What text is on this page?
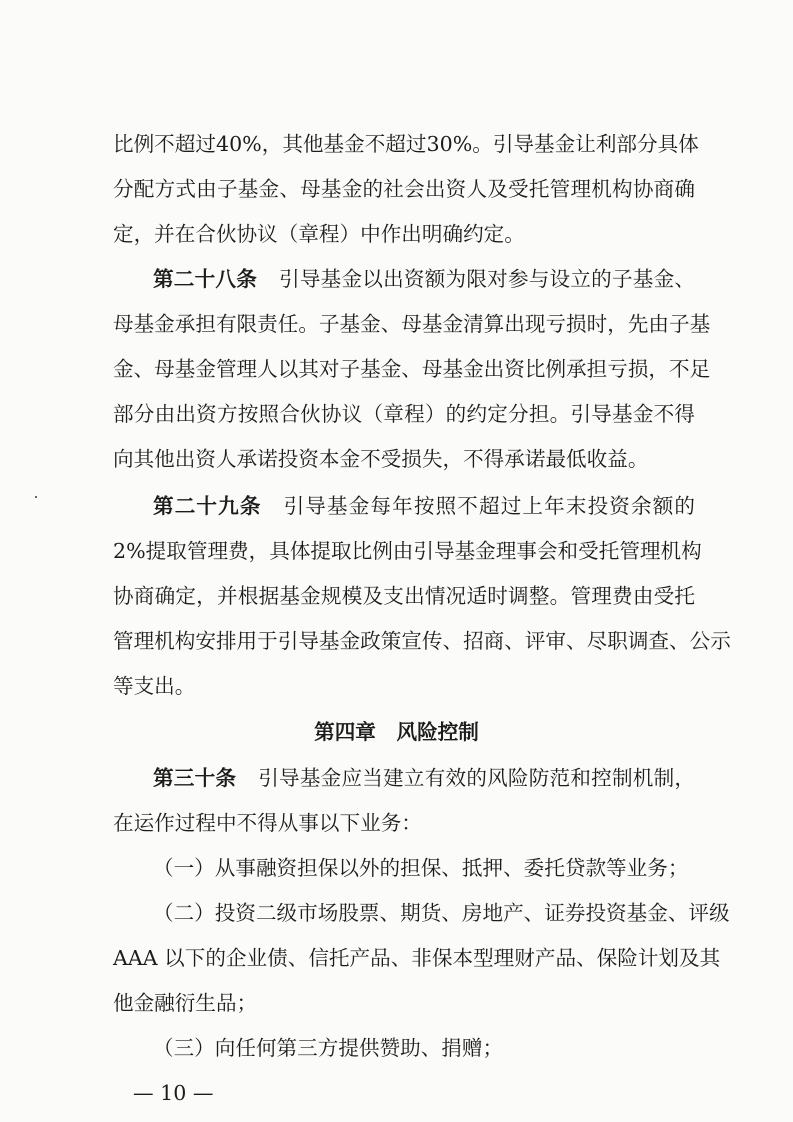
比例不超过40%，其他基金不超过30%。引导基金让利部分具体
分配方式由子基金、母基金的社会出资人及受托管理机构协商确
定，并在合伙协议（章程）中作出明确约定。
第二十八条 引导基金以出资额为限对参与设立的子基金、
母基金承担有限责任。子基金、母基金清算出现亏损时，先由子基
金、母基金管理人以其对子基金、母基金出资比例承担亏损，不足
部分由出资方按照合伙协议（章程）的约定分担。引导基金不得
向其他出资人承诺投资本金不受损失，不得承诺最低收益。
第二十九条 引导基金每年按照不超过上年末投资余额的
2%提取管理费，具体提取比例由引导基金理事会和受托管理机构
协商确定，并根据基金规模及支出情况适时调整。管理费由受托
管理机构安排用于引导基金政策宣传、招商、评审、尽职调查、公示
等支出。
第四章　风险控制
第三十条 引导基金应当建立有效的风险防范和控制机制，
在运作过程中不得从事以下业务：
（一）从事融资担保以外的担保、抵押、委托贷款等业务；
（二）投资二级市场股票、期货、房地产、证券投资基金、评级
AAA 以下的企业债、信托产品、非保本型理财产品、保险计划及其
他金融衍生品；
（三）向任何第三方提供赞助、捐赠；
— 10 —
